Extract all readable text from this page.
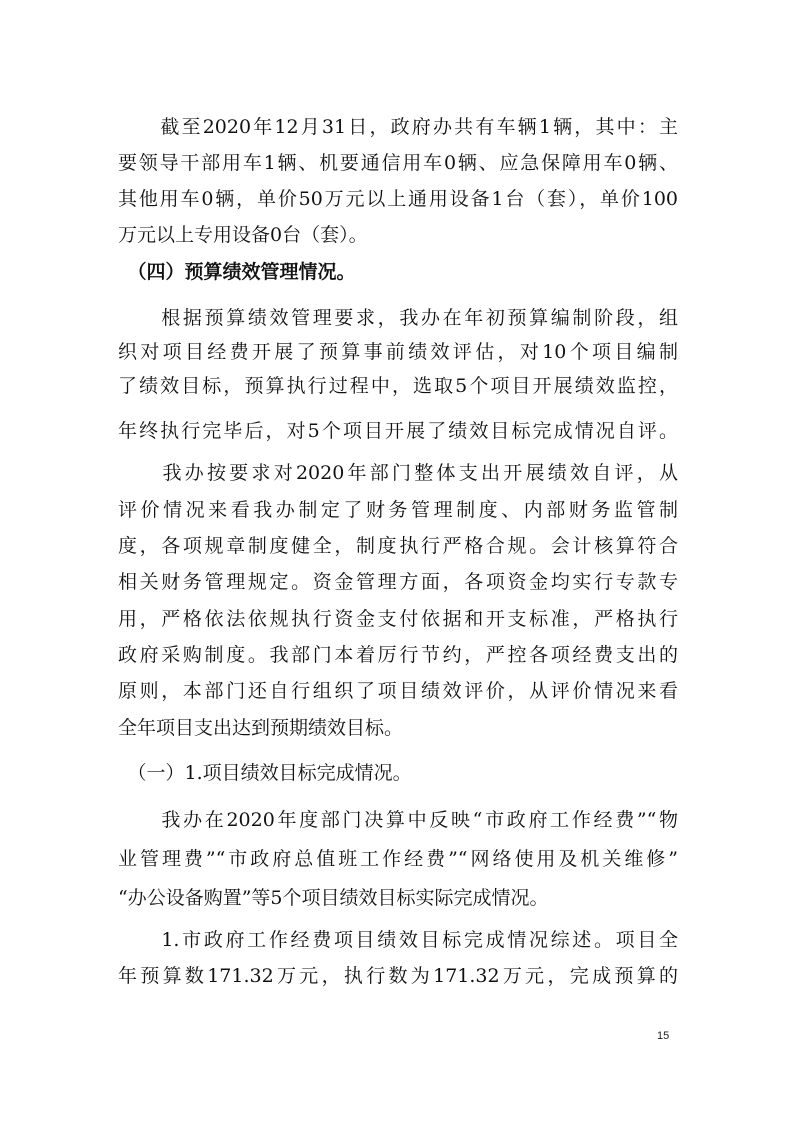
　　截至2020年12月31日，政府办共有车辆1辆，其中：主
要领导干部用车1辆、机要通信用车0辆、应急保障用车0辆、
其他用车0辆，单价50万元以上通用设备1台（套），单价100
万元以上专用设备0台（套）。
　（四）预算绩效管理情况。
　　根据预算绩效管理要求，我办在年初预算编制阶段，组
织对项目经费开展了预算事前绩效评估，对10个项目编制
了绩效目标，预算执行过程中，选取5个项目开展绩效监控，
年终执行完毕后，对5个项目开展了绩效目标完成情况自评。
　　我办按要求对2020年部门整体支出开展绩效自评，从
评价情况来看我办制定了财务管理制度、内部财务监管制
度，各项规章制度健全，制度执行严格合规。会计核算符合
相关财务管理规定。资金管理方面，各项资金均实行专款专
用，严格依法依规执行资金支付依据和开支标准，严格执行
政府采购制度。我部门本着厉行节约，严控各项经费支出的
原则，本部门还自行组织了项目绩效评价，从评价情况来看
全年项目支出达到预期绩效目标。
　（一）1.项目绩效目标完成情况。
　　我办在2020年度部门决算中反映“市政府工作经费”“物
业管理费”“市政府总值班工作经费”“网络使用及机关维修”
“办公设备购置”等5个项目绩效目标实际完成情况。
　　1.市政府工作经费项目绩效目标完成情况综述。项目全
年预算数171.32万元，执行数为171.32万元，完成预算的
15
